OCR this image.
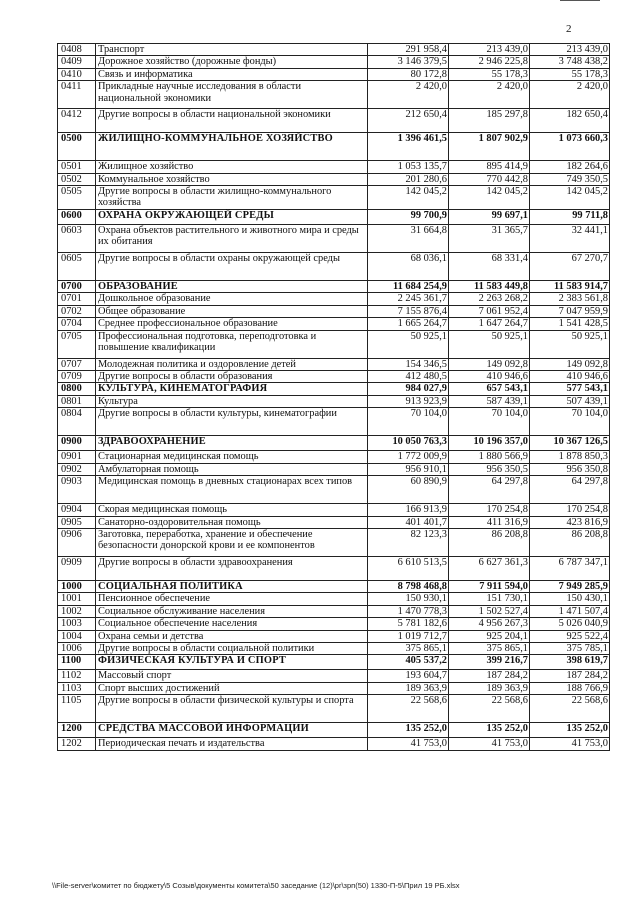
2
0408	Транспорт	291 958,4	213 439,0	213 439,0
0409	Дорожное хозяйство (дорожные фонды)	3 146 379,5	2 946 225,8	3 748 438,2
0410	Связь и информатика	80 172,8	55 178,3	55 178,3
0411	Прикладные научные исследования в области национальной экономики	2 420,0	2 420,0	2 420,0
0412	Другие вопросы в области национальной экономики	212 650,4	185 297,8	182 650,4
0500	ЖИЛИЩНО-КОММУНАЛЬНОЕ ХОЗЯЙСТВО	1 396 461,5	1 807 902,9	1 073 660,3
0501	Жилищное хозяйство	1 053 135,7	895 414,9	182 264,6
0502	Коммунальное хозяйство	201 280,6	770 442,8	749 350,5
0505	Другие вопросы в области жилищно-коммунального хозяйства	142 045,2	142 045,2	142 045,2
0600	ОХРАНА ОКРУЖАЮЩЕЙ СРЕДЫ	99 700,9	99 697,1	99 711,8
0603	Охрана объектов растительного и животного мира и среды их обитания	31 664,8	31 365,7	32 441,1
0605	Другие вопросы в области охраны окружающей среды	68 036,1	68 331,4	67 270,7
0700	ОБРАЗОВАНИЕ	11 684 254,9	11 583 449,8	11 583 914,7
0701	Дошкольное образование	2 245 361,7	2 263 268,2	2 383 561,8
0702	Общее образование	7 155 876,4	7 061 952,4	7 047 959,9
0704	Среднее профессиональное образование	1 665 264,7	1 647 264,7	1 541 428,5
0705	Профессиональная подготовка, переподготовка и повышение квалификации	50 925,1	50 925,1	50 925,1
0707	Молодежная политика и оздоровление детей	154 346,5	149 092,8	149 092,8
0709	Другие вопросы в области образования	412 480,5	410 946,6	410 946,6
0800	КУЛЬТУРА, КИНЕМАТОГРАФИЯ	984 027,9	657 543,1	577 543,1
0801	Культура	913 923,9	587 439,1	507 439,1
0804	Другие вопросы в области культуры, кинематографии	70 104,0	70 104,0	70 104,0
0900	ЗДРАВООХРАНЕНИЕ	10 050 763,3	10 196 357,0	10 367 126,5
0901	Стационарная медицинская помощь	1 772 009,9	1 880 566,9	1 878 850,3
0902	Амбулаторная помощь	956 910,1	956 350,5	956 350,8
0903	Медицинская помощь в дневных стационарах всех типов	60 890,9	64 297,8	64 297,8
0904	Скорая медицинская помощь	166 913,9	170 254,8	170 254,8
0905	Санаторно-оздоровительная помощь	401 401,7	411 316,9	423 816,9
0906	Заготовка, переработка, хранение и обеспечение безопасности донорской крови и ее компонентов	82 123,3	86 208,8	86 208,8
0909	Другие вопросы в области здравоохранения	6 610 513,5	6 627 361,3	6 787 347,1
1000	СОЦИАЛЬНАЯ ПОЛИТИКА	8 798 468,8	7 911 594,0	7 949 285,9
1001	Пенсионное обеспечение	150 930,1	151 730,1	150 430,1
1002	Социальное обслуживание населения	1 470 778,3	1 502 527,4	1 471 507,4
1003	Социальное обеспечение населения	5 781 182,6	4 956 267,3	5 026 040,9
1004	Охрана семьи и детства	1 019 712,7	925 204,1	925 522,4
1006	Другие вопросы в области социальной политики	375 865,1	375 865,1	375 785,1
1100	ФИЗИЧЕСКАЯ КУЛЬТУРА И СПОРТ	405 537,2	399 216,7	398 619,7
1102	Массовый спорт	193 604,7	187 284,2	187 284,2
1103	Спорт высших достижений	189 363,9	189 363,9	188 766,9
1105	Другие вопросы в области физической культуры и спорта	22 568,6	22 568,6	22 568,6
1200	СРЕДСТВА МАССОВОЙ ИНФОРМАЦИИ	135 252,0	135 252,0	135 252,0
1202	Периодическая печать и издательства	41 753,0	41 753,0	41 753,0
\\File-server\комитет по бюджету\5 Созыв\документы комитета\50 заседание (12)\pr\зрп(50) 1330-П-5\Прил 19 РБ.xlsx
